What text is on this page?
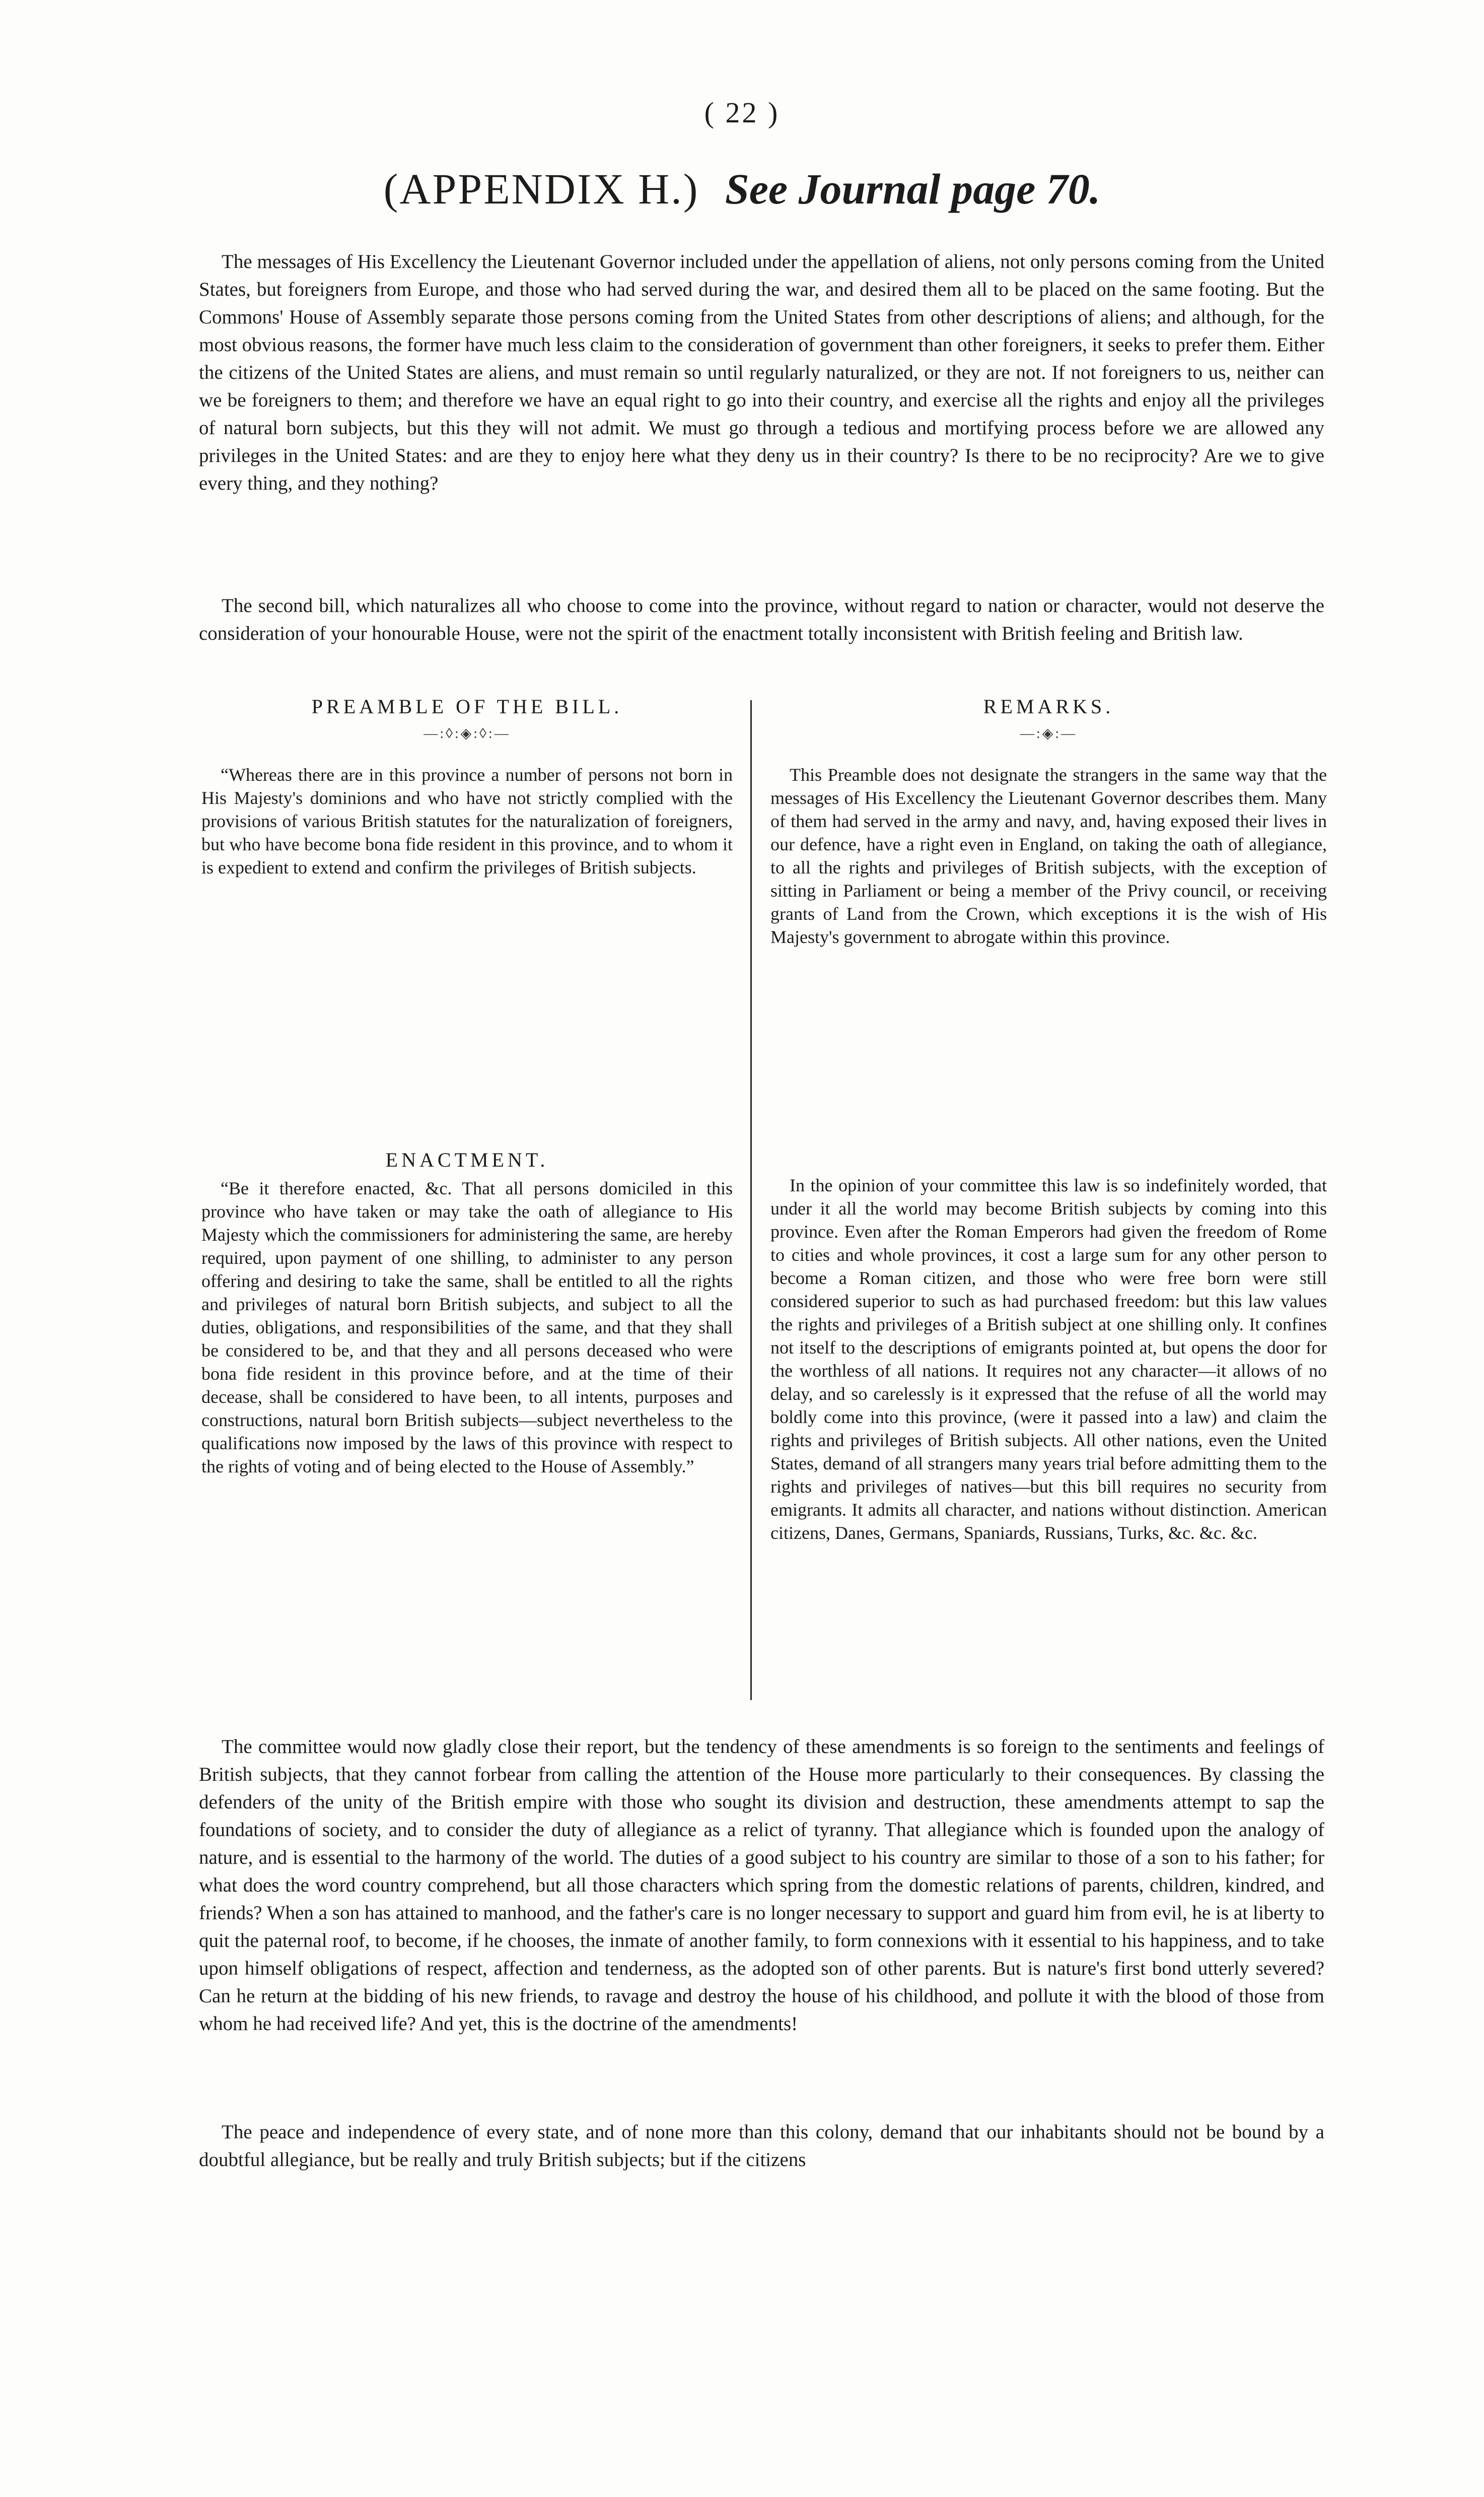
( 22 )
(APPENDIX H.) See Journal page 70.

The messages of His Excellency the Lieutenant Governor included under the appellation of aliens, not only persons coming from the United States, but foreigners from Europe, and those who had served during the war, and desired them all to be placed on the same footing. But the Commons' House of Assembly separate those persons coming from the United States from other descriptions of aliens; and although, for the most obvious reasons, the former have much less claim to the consideration of government than other foreigners, it seeks to prefer them. Either the citizens of the United States are aliens, and must remain so until regularly naturalized, or they are not. If not foreigners to us, neither can we be foreigners to them; and therefore we have an equal right to go into their country, and exercise all the rights and enjoy all the privileges of natural born subjects, but this they will not admit. We must go through a tedious and mortifying process before we are allowed any privileges in the United States: and are they to enjoy here what they deny us in their country? Is there to be no reciprocity? Are we to give every thing, and they nothing?

The second bill, which naturalizes all who choose to come into the province, without regard to nation or character, would not deserve the consideration of your honourable House, were not the spirit of the enactment totally inconsistent with British feeling and British law.

PREAMBLE OF THE BILL.

—:◊:◈:◊:—

REMARKS.

—:◈:—

“Whereas there are in this province a number of persons not born in His Majesty's dominions and who have not strictly complied with the provisions of various British statutes for the naturalization of foreigners, but who have become bona fide resident in this province, and to whom it is expedient to extend and confirm the privileges of British subjects.

This Preamble does not designate the strangers in the same way that the messages of His Excellency the Lieutenant Governor describes them. Many of them had served in the army and navy, and, having exposed their lives in our defence, have a right even in England, on taking the oath of allegiance, to all the rights and privileges of British subjects, with the exception of sitting in Parliament or being a member of the Privy council, or receiving grants of Land from the Crown, which exceptions it is the wish of His Majesty's government to abrogate within this province.

ENACTMENT.

“Be it therefore enacted, &c. That all persons domiciled in this province who have taken or may take the oath of allegiance to His Majesty which the commissioners for administering the same, are hereby required, upon payment of one shilling, to administer to any person offering and desiring to take the same, shall be entitled to all the rights and privileges of natural born British subjects, and subject to all the duties, obligations, and responsibilities of the same, and that they shall be considered to be, and that they and all persons deceased who were bona fide resident in this province before, and at the time of their decease, shall be considered to have been, to all intents, purposes and constructions, natural born British subjects—subject nevertheless to the qualifications now imposed by the laws of this province with respect to the rights of voting and of being elected to the House of Assembly.”

In the opinion of your committee this law is so indefinitely worded, that under it all the world may become British subjects by coming into this province. Even after the Roman Emperors had given the freedom of Rome to cities and whole provinces, it cost a large sum for any other person to become a Roman citizen, and those who were free born were still considered superior to such as had purchased freedom: but this law values the rights and privileges of a British subject at one shilling only. It confines not itself to the descriptions of emigrants pointed at, but opens the door for the worthless of all nations. It requires not any character—it allows of no delay, and so carelessly is it expressed that the refuse of all the world may boldly come into this province, (were it passed into a law) and claim the rights and privileges of British subjects. All other nations, even the United States, demand of all strangers many years trial before admitting them to the rights and privileges of natives—but this bill requires no security from emigrants. It admits all character, and nations without distinction. American citizens, Danes, Germans, Spaniards, Russians, Turks, &c. &c. &c.

The committee would now gladly close their report, but the tendency of these amendments is so foreign to the sentiments and feelings of British subjects, that they cannot forbear from calling the attention of the House more particularly to their consequences. By classing the defenders of the unity of the British empire with those who sought its division and destruction, these amendments attempt to sap the foundations of society, and to consider the duty of allegiance as a relict of tyranny. That allegiance which is founded upon the analogy of nature, and is essential to the harmony of the world. The duties of a good subject to his country are similar to those of a son to his father; for what does the word country comprehend, but all those characters which spring from the domestic relations of parents, children, kindred, and friends? When a son has attained to manhood, and the father's care is no longer necessary to support and guard him from evil, he is at liberty to quit the paternal roof, to become, if he chooses, the inmate of another family, to form connexions with it essential to his happiness, and to take upon himself obligations of respect, affection and tenderness, as the adopted son of other parents. But is nature's first bond utterly severed? Can he return at the bidding of his new friends, to ravage and destroy the house of his childhood, and pollute it with the blood of those from whom he had received life? And yet, this is the doctrine of the amendments!

The peace and independence of every state, and of none more than this colony, demand that our inhabitants should not be bound by a doubtful allegiance, but be really and truly British subjects; but if the citizens
